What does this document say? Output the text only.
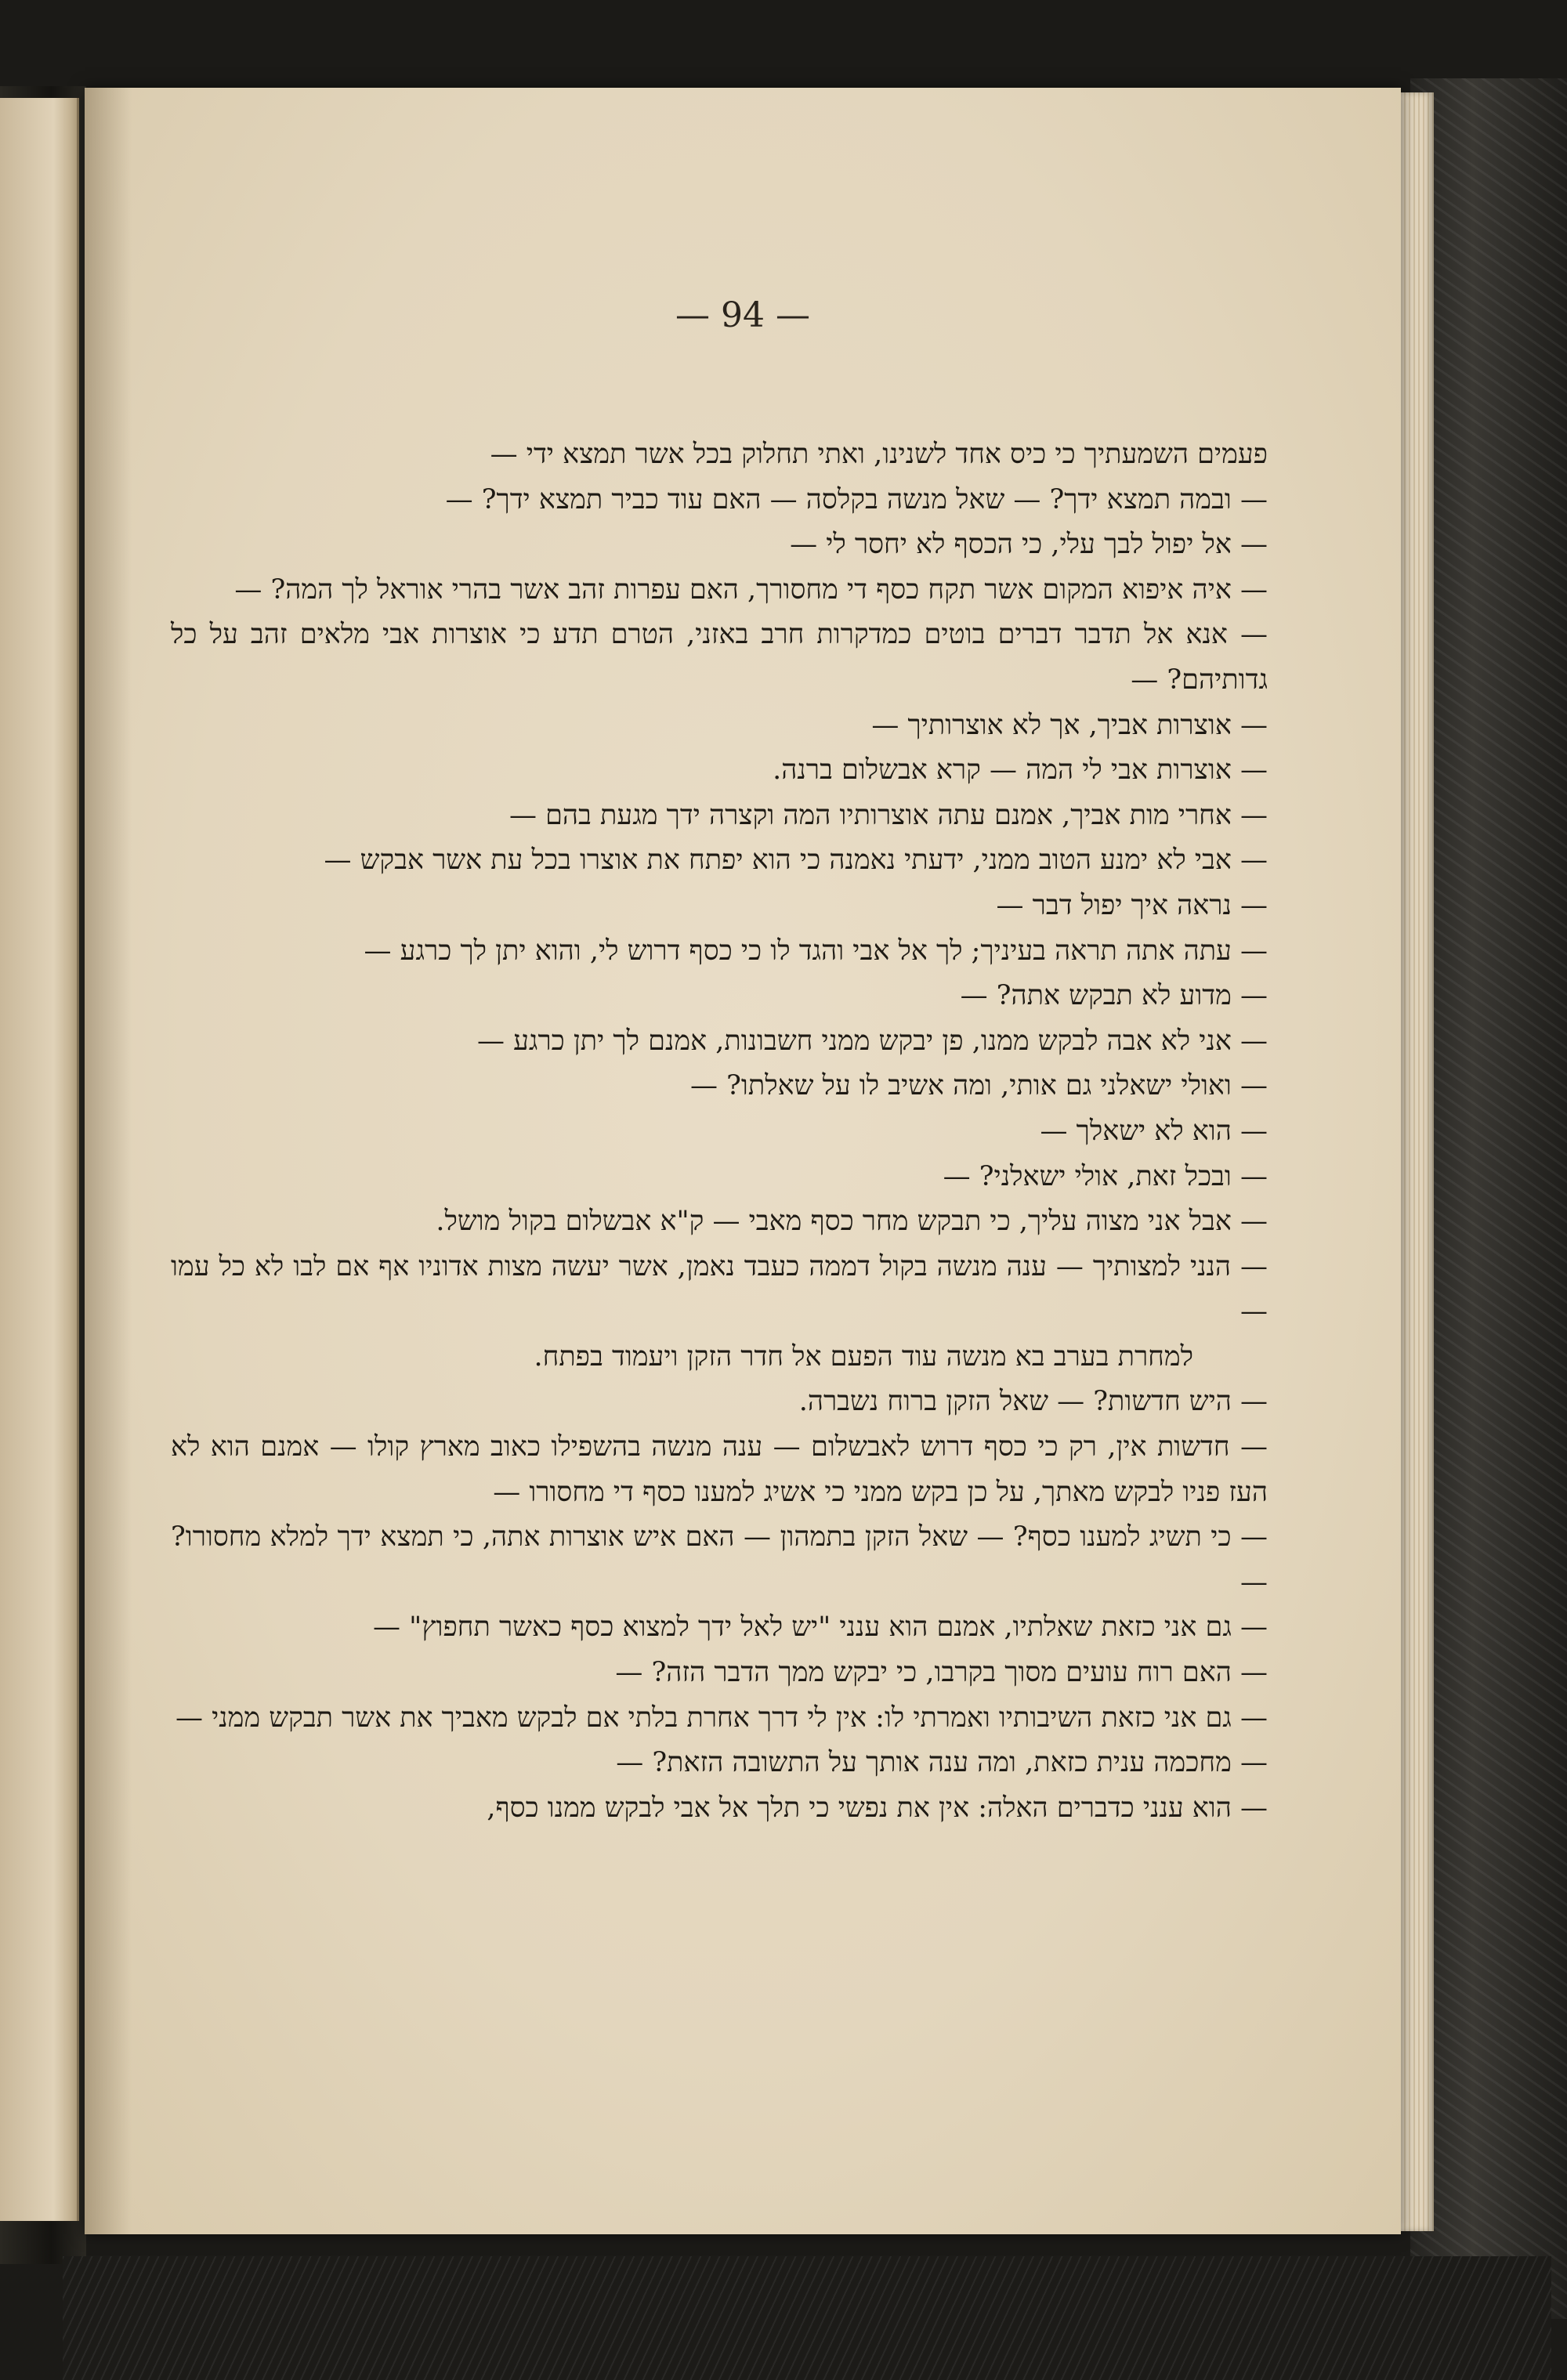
— 94 —

פעמים השמעתיך כי כיס אחד לשנינו, ואתי תחלוק בכל אשר תמצא ידי —

— ובמה תמצא ידך? — שאל מנשה בקלסה — האם עוד כביר תמצא ידך? —

— אל יפול לבך עלי, כי הכסף לא יחסר לי —

— איה איפוא המקום אשר תקח כסף די מחסורך, האם עפרות זהב אשר בהרי אוראל לך המה? —

— אנא אל תדבר דברים בוטים כמדקרות חרב באזני, הטרם תדע כי אוצרות אבי מלאים זהב על כל גדותיהם? —

— אוצרות אביך, אך לא אוצרותיך —

— אוצרות אבי לי המה — קרא אבשלום ברנה.

— אחרי מות אביך, אמנם עתה אוצרותיו המה וקצרה ידך מגעת בהם —

— אבי לא ימנע הטוב ממני, ידעתי נאמנה כי הוא יפתח את אוצרו בכל עת אשר אבקש —

— נראה איך יפול דבר —

— עתה אתה תראה בעיניך; לך אל אבי והגד לו כי כסף דרוש לי, והוא יתן לך כרגע —

— מדוע לא תבקש אתה? —

— אני לא אבה לבקש ממנו, פן יבקש ממני חשבונות, אמנם לך יתן כרגע —

— ואולי ישאלני גם אותי, ומה אשיב לו על שאלתו? —

— הוא לא ישאלך —

— ובכל זאת, אולי ישאלני? —

— אבל אני מצוה עליך, כי תבקש מחר כסף מאבי — ק"א אבשלום בקול מושל.

— הנני למצותיך — ענה מנשה בקול דממה כעבד נאמן, אשר יעשה מצות אדוניו אף אם לבו לא כל עמו —

למחרת בערב בא מנשה עוד הפעם אל חדר הזקן ויעמוד בפתח.

— היש חדשות? — שאל הזקן ברוח נשברה.

— חדשות אין, רק כי כסף דרוש לאבשלום — ענה מנשה בהשפילו כאוב מארץ קולו — אמנם הוא לא העז פניו לבקש מאתך, על כן בקש ממני כי אשיג למענו כסף די מחסורו —

— כי תשיג למענו כסף? — שאל הזקן בתמהון — האם איש אוצרות אתה, כי תמצא ידך למלא מחסורו? —

— גם אני כזאת שאלתיו, אמנם הוא ענני "יש לאל ידך למצוא כסף כאשר תחפוץ" —

— האם רוח עועים מסוך בקרבו, כי יבקש ממך הדבר הזה? —

— גם אני כזאת השיבותיו ואמרתי לו: אין לי דרך אחרת בלתי אם לבקש מאביך את אשר תבקש ממני —

— מחכמה ענית כזאת, ומה ענה אותך על התשובה הזאת? —

— הוא ענני כדברים האלה: אין את נפשי כי תלך אל אבי לבקש ממנו כסף,
